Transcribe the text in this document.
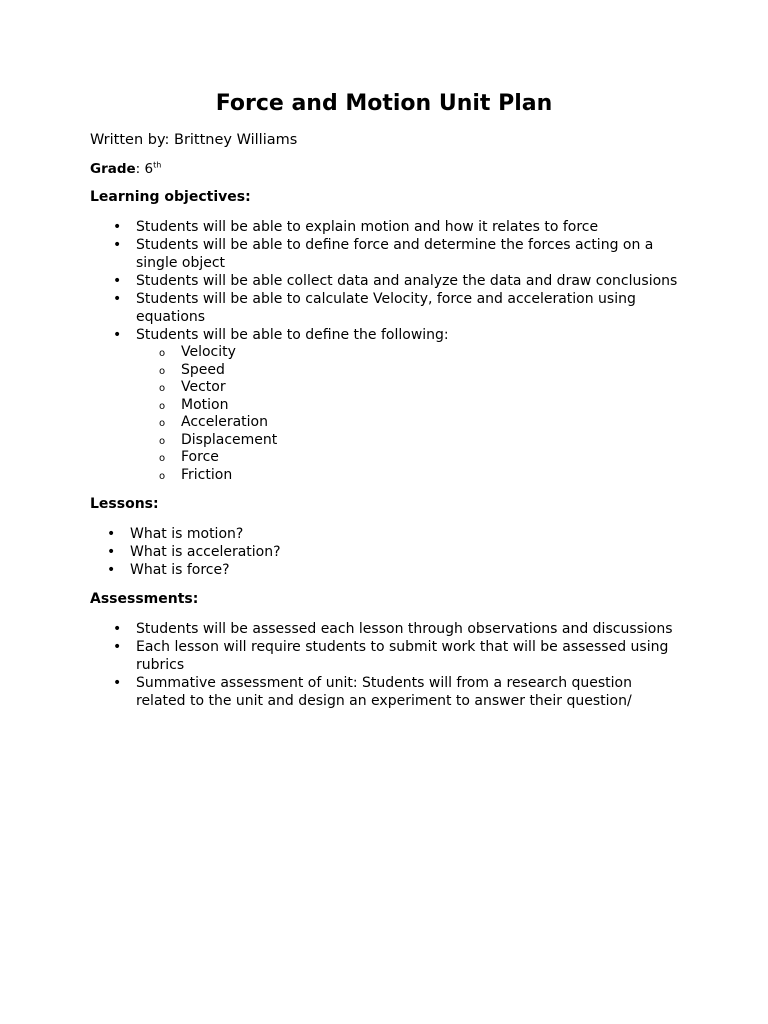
Force and Motion Unit Plan

Written by: Brittney Williams

Grade: 6th

Learning objectives:

• Students will be able to explain motion and how it relates to force
• Students will be able to define force and determine the forces acting on a single object
• Students will be able collect data and analyze the data and draw conclusions
• Students will be able to calculate Velocity, force and acceleration using equations
• Students will be able to define the following:
o Velocity
o Speed
o Vector
o Motion
o Acceleration
o Displacement
o Force
o Friction

Lessons:

• What is motion?
• What is acceleration?
• What is force?

Assessments:

• Students will be assessed each lesson through observations and discussions
• Each lesson will require students to submit work that will be assessed using rubrics
• Summative assessment of unit: Students will from a research question related to the unit and design an experiment to answer their question/
